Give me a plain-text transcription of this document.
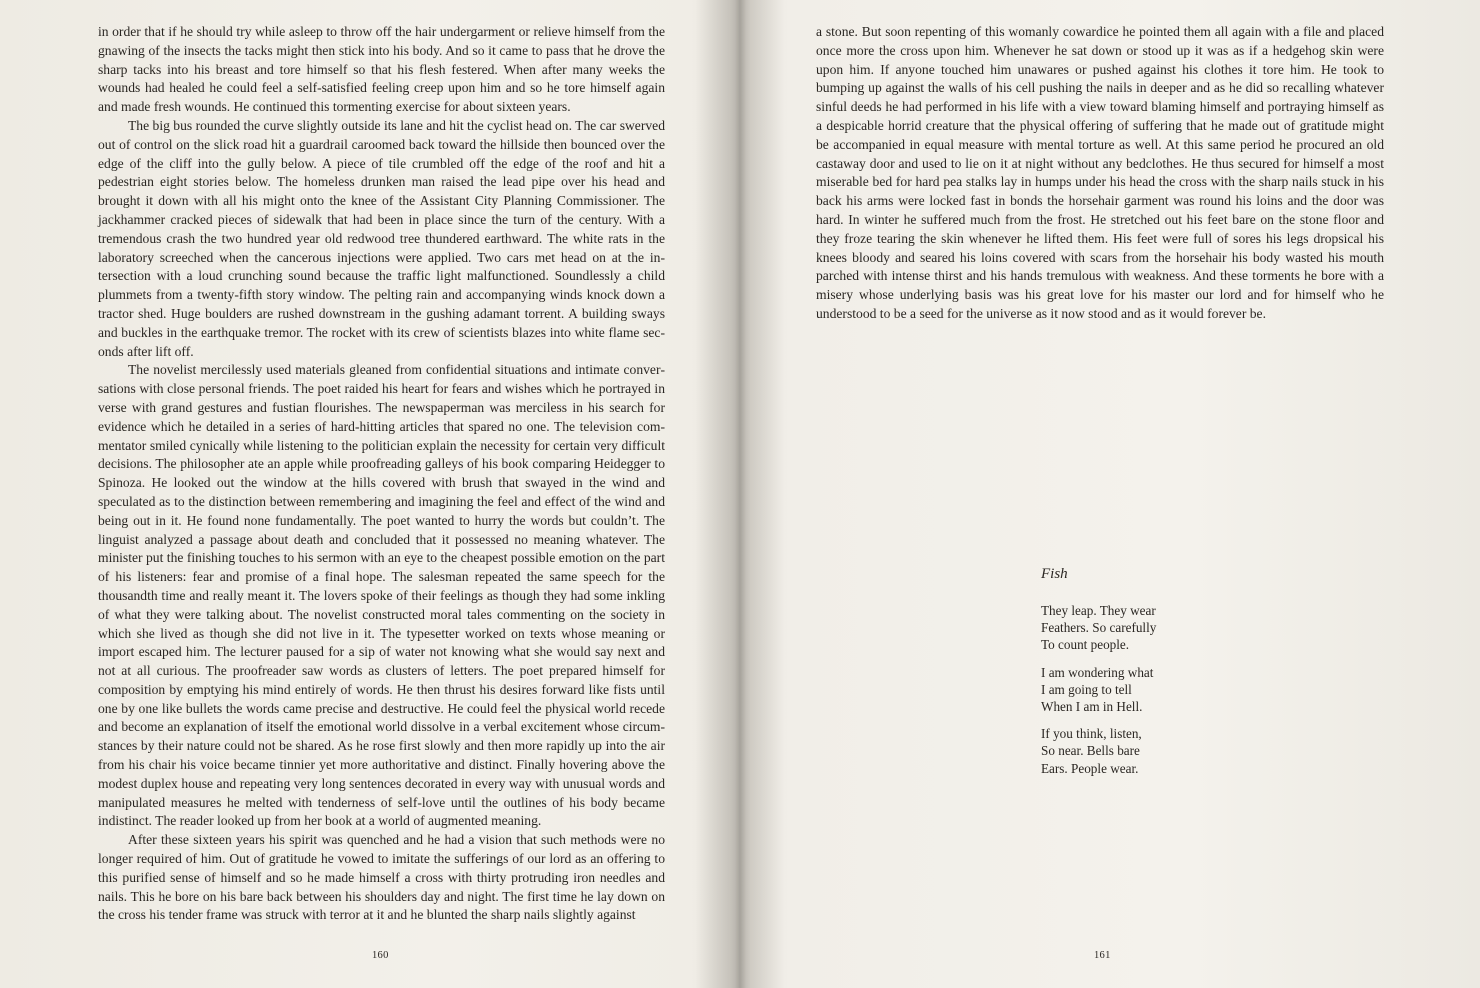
in order that if he should try while asleep to throw off the hair undergarment or relieve himself from the gnawing of the insects the tacks might then stick into his body. And so it came to pass that he drove the sharp tacks into his breast and tore himself so that his flesh festered. When after many weeks the wounds had healed he could feel a self-satisfied feeling creep upon him and so he tore himself again and made fresh wounds. He continued this tormenting exercise for about sixteen years.

The big bus rounded the curve slightly outside its lane and hit the cyclist head on. The car swerved out of control on the slick road hit a guardrail caroomed back toward the hillside then bounced over the edge of the cliff into the gully below. A piece of tile crumbled off the edge of the roof and hit a pedestrian eight stories below. The homeless drunken man raised the lead pipe over his head and brought it down with all his might onto the knee of the Assistant City Planning Commissioner. The jackhammer cracked pieces of sidewalk that had been in place since the turn of the century. With a tremendous crash the two hundred year old redwood tree thundered earthward. The white rats in the laboratory screeched when the cancerous injections were applied. Two cars met head on at the intersection with a loud crunching sound because the traffic light malfunctioned. Soundlessly a child plummets from a twenty-fifth story window. The pelting rain and accompanying winds knock down a tractor shed. Huge boulders are rushed downstream in the gushing adamant torrent. A building sways and buckles in the earthquake tremor. The rocket with its crew of scientists blazes into white flame seconds after lift off.

The novelist mercilessly used materials gleaned from confidential situations and intimate conversations with close personal friends. The poet raided his heart for fears and wishes which he portrayed in verse with grand gestures and fustian flourishes. The newspaperman was merciless in his search for evidence which he detailed in a series of hard-hitting articles that spared no one. The television commentator smiled cynically while listening to the politician explain the necessity for certain very difficult decisions. The philosopher ate an apple while proofreading galleys of his book comparing Heidegger to Spinoza. He looked out the window at the hills covered with brush that swayed in the wind and speculated as to the distinction between remembering and imagining the feel and effect of the wind and being out in it. He found none fundamentally. The poet wanted to hurry the words but couldn’t. The linguist analyzed a passage about death and concluded that it possessed no meaning whatever. The minister put the finishing touches to his sermon with an eye to the cheapest possible emotion on the part of his listeners: fear and promise of a final hope. The salesman repeated the same speech for the thousandth time and really meant it. The lovers spoke of their feelings as though they had some inkling of what they were talking about. The novelist constructed moral tales commenting on the society in which she lived as though she did not live in it. The typesetter worked on texts whose meaning or import escaped him. The lecturer paused for a sip of water not knowing what she would say next and not at all curious. The proofreader saw words as clusters of letters. The poet prepared himself for composition by emptying his mind entirely of words. He then thrust his desires forward like fists until one by one like bullets the words came precise and destructive. He could feel the physical world recede and become an explanation of itself the emotional world dissolve in a verbal excitement whose circumstances by their nature could not be shared. As he rose first slowly and then more rapidly up into the air from his chair his voice became tinnier yet more authoritative and distinct. Finally hovering above the modest duplex house and repeating very long sentences decorated in every way with unusual words and manipulated measures he melted with tenderness of self-love until the outlines of his body became indistinct. The reader looked up from her book at a world of augmented meaning.

After these sixteen years his spirit was quenched and he had a vision that such methods were no longer required of him. Out of gratitude he vowed to imitate the sufferings of our lord as an offering to this purified sense of himself and so he made himself a cross with thirty protruding iron needles and nails. This he bore on his bare back between his shoulders day and night. The first time he lay down on the cross his tender frame was struck with terror at it and he blunted the sharp nails slightly against

160

a stone. But soon repenting of this womanly cowardice he pointed them all again with a file and placed once more the cross upon him. Whenever he sat down or stood up it was as if a hedgehog skin were upon him. If anyone touched him unawares or pushed against his clothes it tore him. He took to bumping up against the walls of his cell pushing the nails in deeper and as he did so recalling whatever sinful deeds he had performed in his life with a view toward blaming himself and portraying himself as a despicable horrid creature that the physical offering of suffering that he made out of gratitude might be accompanied in equal measure with mental torture as well. At this same period he procured an old castaway door and used to lie on it at night without any bedclothes. He thus secured for himself a most miserable bed for hard pea stalks lay in humps under his head the cross with the sharp nails stuck in his back his arms were locked fast in bonds the horsehair garment was round his loins and the door was hard. In winter he suffered much from the frost. He stretched out his feet bare on the stone floor and they froze tearing the skin whenever he lifted them. His feet were full of sores his legs dropsical his knees bloody and seared his loins covered with scars from the horsehair his body wasted his mouth parched with intense thirst and his hands tremulous with weakness. And these torments he bore with a misery whose underlying basis was his great love for his master our lord and for himself who he understood to be a seed for the universe as it now stood and as it would forever be.

Fish
They leap. They wear
Feathers. So carefully
To count people.
I am wondering what
I am going to tell
When I am in Hell.
If you think, listen,
So near. Bells bare
Ears. People wear.
161
